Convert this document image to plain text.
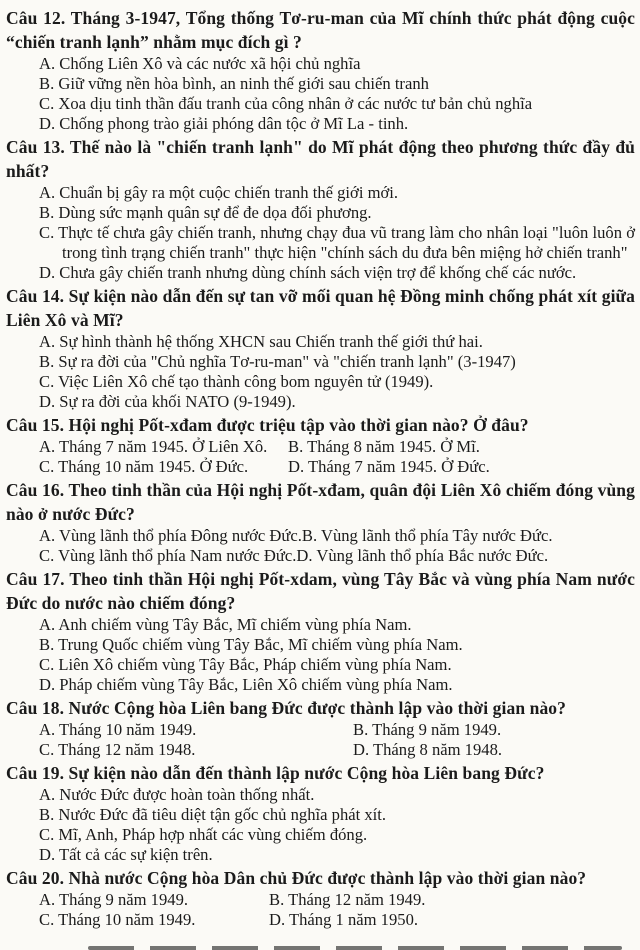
Câu 12. Tháng 3-1947, Tổng thống Tơ-ru-man của Mĩ chính thức phát động cuộc “chiến tranh lạnh” nhằm mục đích gì ?

A. Chống Liên Xô và các nước xã hội chủ nghĩa

B. Giữ vững nền hòa bình, an ninh thế giới sau chiến tranh

C. Xoa dịu tinh thần đấu tranh của công nhân ở các nước tư bản chủ nghĩa

D. Chống phong trào giải phóng dân tộc ở Mĩ La - tinh.

Câu 13. Thế nào là "chiến tranh lạnh" do Mĩ phát động theo phương thức đầy đủ nhất?

A. Chuẩn bị gây ra một cuộc chiến tranh thế giới mới.

B. Dùng sức mạnh quân sự để đe dọa đối phương.

C. Thực tế chưa gây chiến tranh, nhưng chạy đua vũ trang làm cho nhân loại "luôn luôn ở trong tình trạng chiến tranh" thực hiện "chính sách du đưa bên miệng hở chiến tranh"

D. Chưa gây chiến tranh nhưng dùng chính sách viện trợ để khống chế các nước.

Câu 14. Sự kiện nào dẫn đến sự tan vỡ mối quan hệ Đồng minh chống phát xít giữa Liên Xô và Mĩ?

A. Sự hình thành hệ thống XHCN sau Chiến tranh thế giới thứ hai.

B. Sự ra đời của "Chủ nghĩa Tơ-ru-man" và "chiến tranh lạnh" (3-1947)

C. Việc Liên Xô chế tạo thành công bom nguyên tử (1949).

D. Sự ra đời của khối NATO (9-1949).

Câu 15. Hội nghị Pốt-xđam được triệu tập vào thời gian nào? Ở đâu?

A. Tháng 7 năm 1945. Ở Liên Xô.	B. Tháng 8 năm 1945. Ở Mĩ.

C. Tháng 10 năm 1945. Ở Đức.	D. Tháng 7 năm 1945. Ở Đức.

Câu 16. Theo tinh thần của Hội nghị Pốt-xđam, quân đội Liên Xô chiếm đóng vùng nào ở nước Đức?

A. Vùng lãnh thổ phía Đông nước Đức. B. Vùng lãnh thổ phía Tây nước Đức.

C. Vùng lãnh thổ phía Nam nước Đức. D. Vùng lãnh thổ phía Bắc nước Đức.

Câu 17. Theo tinh thần Hội nghị Pốt-xdam, vùng Tây Bắc và vùng phía Nam nước Đức do nước nào chiếm đóng?

A. Anh chiếm vùng Tây Bắc, Mĩ chiếm vùng phía Nam.

B. Trung Quốc chiếm vùng Tây Bắc, Mĩ chiếm vùng phía Nam.

C. Liên Xô chiếm vùng Tây Bắc, Pháp chiếm vùng phía Nam.

D. Pháp chiếm vùng Tây Bắc, Liên Xô chiếm vùng phía Nam.

Câu 18. Nước Cộng hòa Liên bang Đức được thành lập vào thời gian nào?

A. Tháng 10 năm 1949.	B. Tháng 9 năm 1949.

C. Tháng 12 năm 1948.	D. Tháng 8 năm 1948.

Câu 19. Sự kiện nào dẫn đến thành lập nước Cộng hòa Liên bang Đức?

A. Nước Đức được hoàn toàn thống nhất.

B. Nước Đức đã tiêu diệt tận gốc chủ nghĩa phát xít.

C. Mĩ, Anh, Pháp hợp nhất các vùng chiếm đóng.

D. Tất cả các sự kiện trên.

Câu 20. Nhà nước Cộng hòa Dân chủ Đức được thành lập vào thời gian nào?

A. Tháng 9 năm 1949.	B. Tháng 12 năm 1949.

C. Tháng 10 năm 1949.	D. Tháng 1 năm 1950.
